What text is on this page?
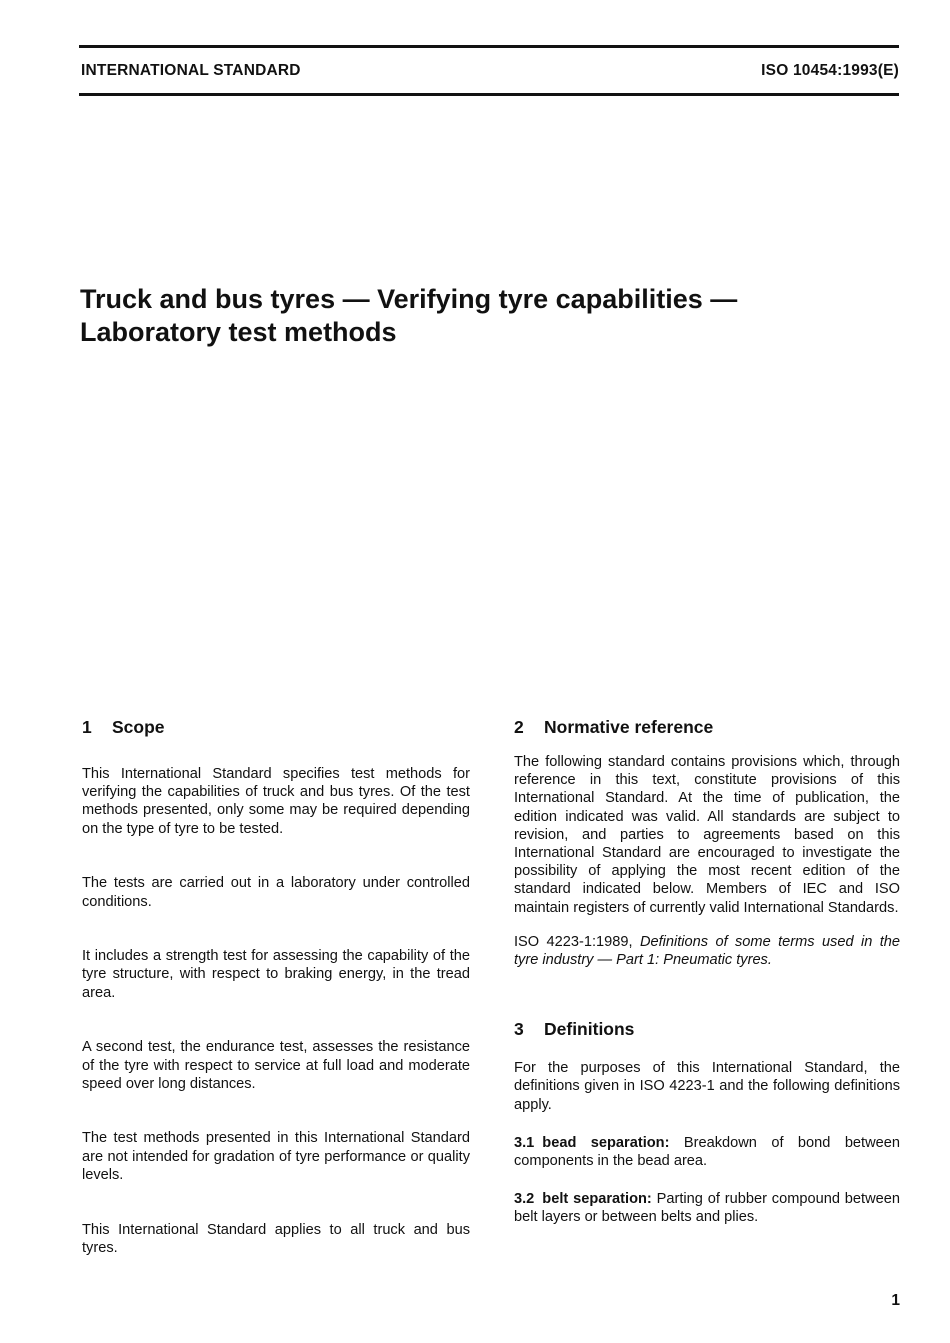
INTERNATIONAL STANDARD	ISO 10454:1993(E)
Truck and bus tyres — Verifying tyre capabilities —
Laboratory test methods
1 Scope

This International Standard specifies test methods for verifying the capabilities of truck and bus tyres. Of the test methods presented, only some may be required depending on the type of tyre to be tested.

The tests are carried out in a laboratory under controlled conditions.

It includes a strength test for assessing the capability of the tyre structure, with respect to braking energy, in the tread area.

A second test, the endurance test, assesses the resistance of the tyre with respect to service at full load and moderate speed over long distances.

The test methods presented in this International Standard are not intended for gradation of tyre performance or quality levels.

This International Standard applies to all truck and bus tyres.

2 Normative reference

The following standard contains provisions which, through reference in this text, constitute provisions of this International Standard. At the time of publication, the edition indicated was valid. All standards are subject to revision, and parties to agreements based on this International Standard are encouraged to investigate the possibility of applying the most recent edition of the standard indicated below. Members of IEC and ISO maintain registers of currently valid International Standards.

ISO 4223-1:1989, Definitions of some terms used in the tyre industry — Part 1: Pneumatic tyres.

3 Definitions

For the purposes of this International Standard, the definitions given in ISO 4223-1 and the following definitions apply.

3.1 bead separation: Breakdown of bond between components in the bead area.

3.2 belt separation: Parting of rubber compound between belt layers or between belts and plies.

1
